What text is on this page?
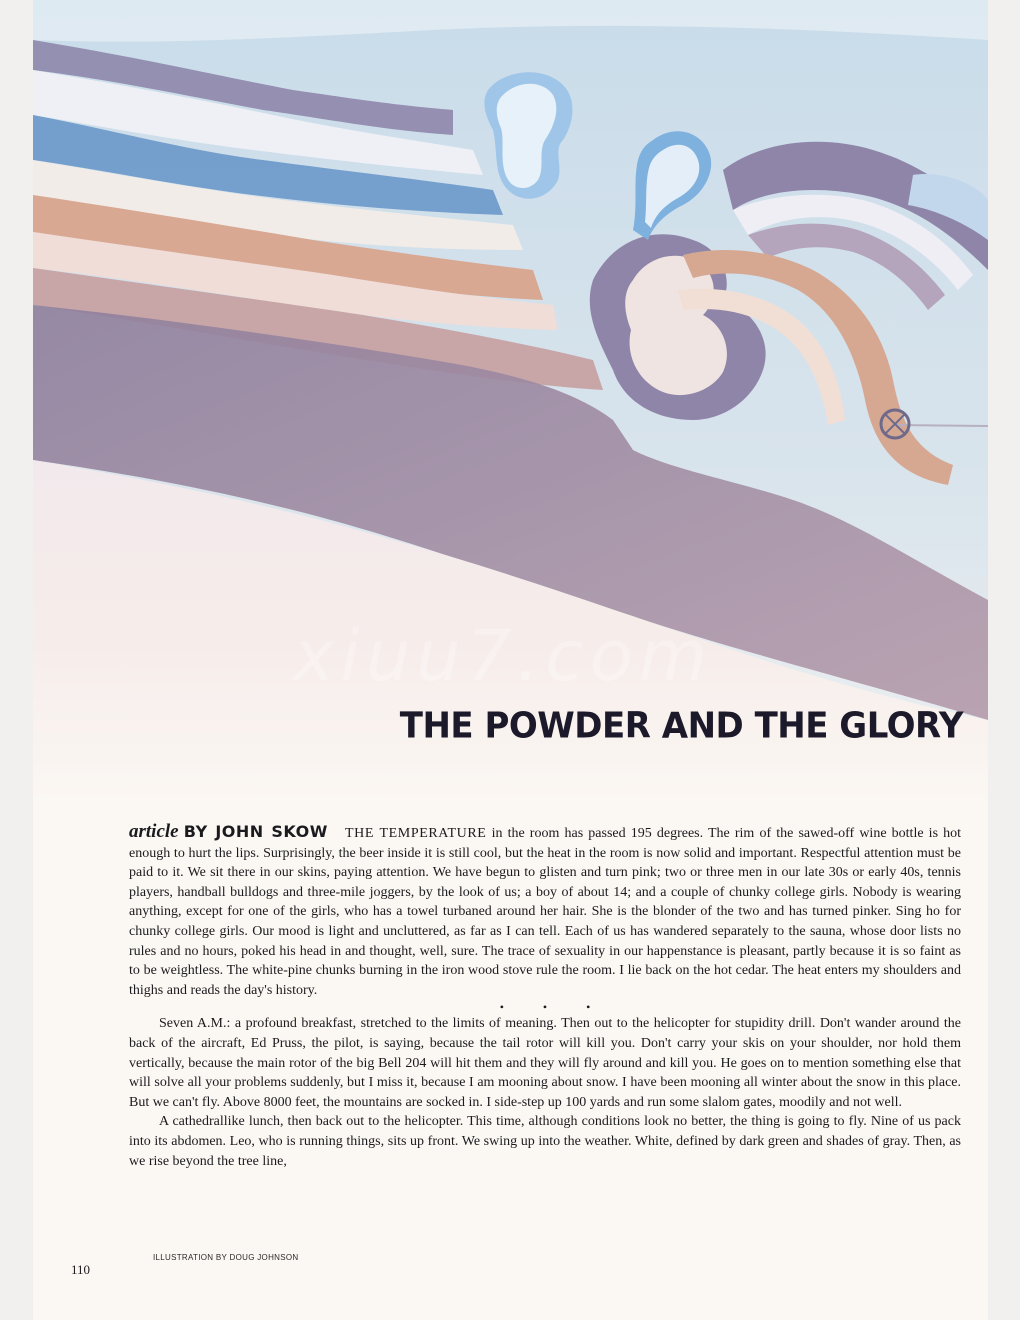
xiuu7.com
THE POWDER AND THE GLORY

article BY JOHN SKOW THE TEMPERATURE in the room has passed 195 degrees. The rim of the sawed-off wine bottle is hot enough to hurt the lips. Surprisingly, the beer inside it is still cool, but the heat in the room is now solid and important. Respectful attention must be paid to it. We sit there in our skins, paying attention. We have begun to glisten and turn pink; two or three men in our late 30s or early 40s, tennis players, handball bulldogs and three-mile joggers, by the look of us; a boy of about 14; and a couple of chunky college girls. Nobody is wearing anything, except for one of the girls, who has a towel turbaned around her hair. She is the blonder of the two and has turned pinker. Sing ho for chunky college girls. Our mood is light and uncluttered, as far as I can tell. Each of us has wandered separately to the sauna, whose door lists no rules and no hours, poked his head in and thought, well, sure. The trace of sexuality in our happenstance is pleasant, partly because it is so faint as to be weightless. The white-pine chunks burning in the iron wood stove rule the room. I lie back on the hot cedar. The heat enters my shoulders and thighs and reads the day's history.

• • •

Seven A.M.: a profound breakfast, stretched to the limits of meaning. Then out to the helicopter for stupidity drill. Don't wander around the back of the aircraft, Ed Pruss, the pilot, is saying, because the tail rotor will kill you. Don't carry your skis on your shoulder, nor hold them vertically, because the main rotor of the big Bell 204 will hit them and they will fly around and kill you. He goes on to mention something else that will solve all your problems suddenly, but I miss it, because I am mooning about snow. I have been mooning all winter about the snow in this place. But we can't fly. Above 8000 feet, the mountains are socked in. I side-step up 100 yards and run some slalom gates, moodily and not well.

A cathedrallike lunch, then back out to the helicopter. This time, although conditions look no better, the thing is going to fly. Nine of us pack into its abdomen. Leo, who is running things, sits up front. We swing up into the weather. White, defined by dark green and shades of gray. Then, as we rise beyond the tree line,

ILLUSTRATION BY DOUG JOHNSON
110
